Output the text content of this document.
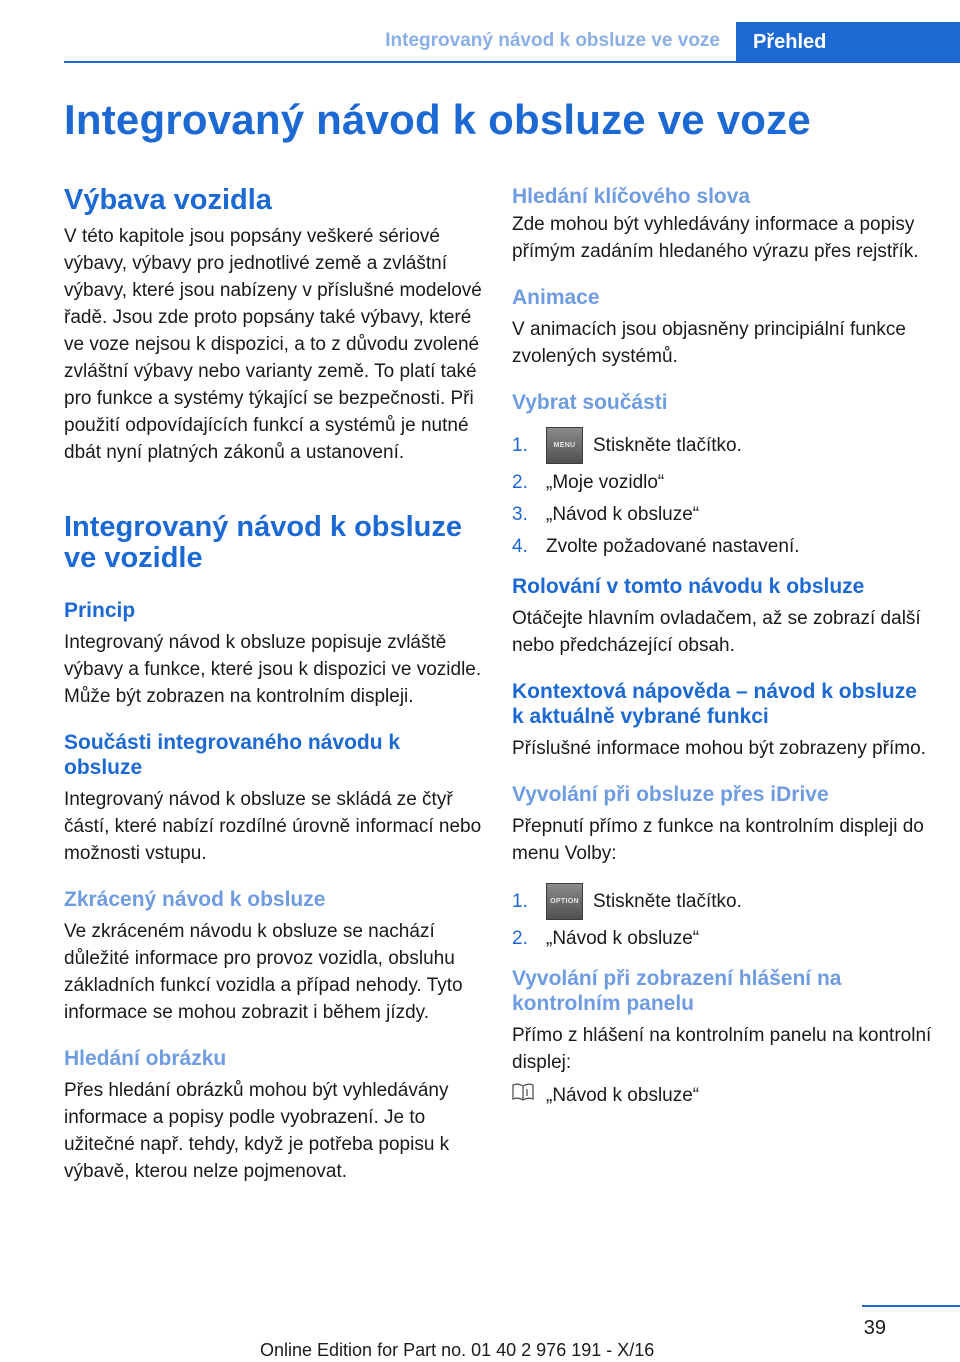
Integrovaný návod k obsluze ve voze	Přehled
Integrovaný návod k obsluze ve voze
Výbava vozidla

V této kapitole jsou popsány veškeré sériové výbavy, výbavy pro jednotlivé země a zvláštní výbavy, které jsou nabízeny v příslušné modelové řadě. Jsou zde proto popsány také výbavy, které ve voze nejsou k dispozici, a to z důvodu zvolené zvláštní výbavy nebo varianty země. To platí také pro funkce a systémy týkající se bezpečnosti. Při použití odpovídajících funkcí a systémů je nutné dbát nyní platných zákonů a ustanovení.

Integrovaný návod k obsluze ve vozidle
Princip

Integrovaný návod k obsluze popisuje zvláště výbavy a funkce, které jsou k dispozici ve vozidle. Může být zobrazen na kontrolním displeji.

Součásti integrovaného návodu k obsluze

Integrovaný návod k obsluze se skládá ze čtyř částí, které nabízí rozdílné úrovně informací nebo možnosti vstupu.

Zkrácený návod k obsluze

Ve zkráceném návodu k obsluze se nachází důležité informace pro provoz vozidla, obsluhu základních funkcí vozidla a případ nehody. Tyto informace se mohou zobrazit i během jízdy.

Hledání obrázku

Přes hledání obrázků mohou být vyhledávány informace a popisy podle vyobrazení. Je to užitečné např. tehdy, když je potřeba popisu k výbavě, kterou nelze pojmenovat.

Hledání klíčového slova

Zde mohou být vyhledávány informace a popisy přímým zadáním hledaného výrazu přes rejstřík.

Animace

V animacích jsou objasněny principiální funkce zvolených systémů.

Vybrat součásti
1.	MENU Stiskněte tlačítko.
2. „Moje vozidlo“
3. „Návod k obsluze“
4. Zvolte požadované nastavení.
Rolování v tomto návodu k obsluze

Otáčejte hlavním ovladačem, až se zobrazí další nebo předcházející obsah.

Kontextová nápověda – návod k obsluze k aktuálně vybrané funkci

Příslušné informace mohou být zobrazeny přímo.

Vyvolání při obsluze přes iDrive

Přepnutí přímo z funkce na kontrolním displeji do menu Volby:

1.	OPTION Stiskněte tlačítko.
2. „Návod k obsluze“
Vyvolání při zobrazení hlášení na kontrolním panelu

Přímo z hlášení na kontrolním panelu na kontrolní displej:

„Návod k obsluze“
39
Online Edition for Part no. 01 40 2 976 191 - X/16
